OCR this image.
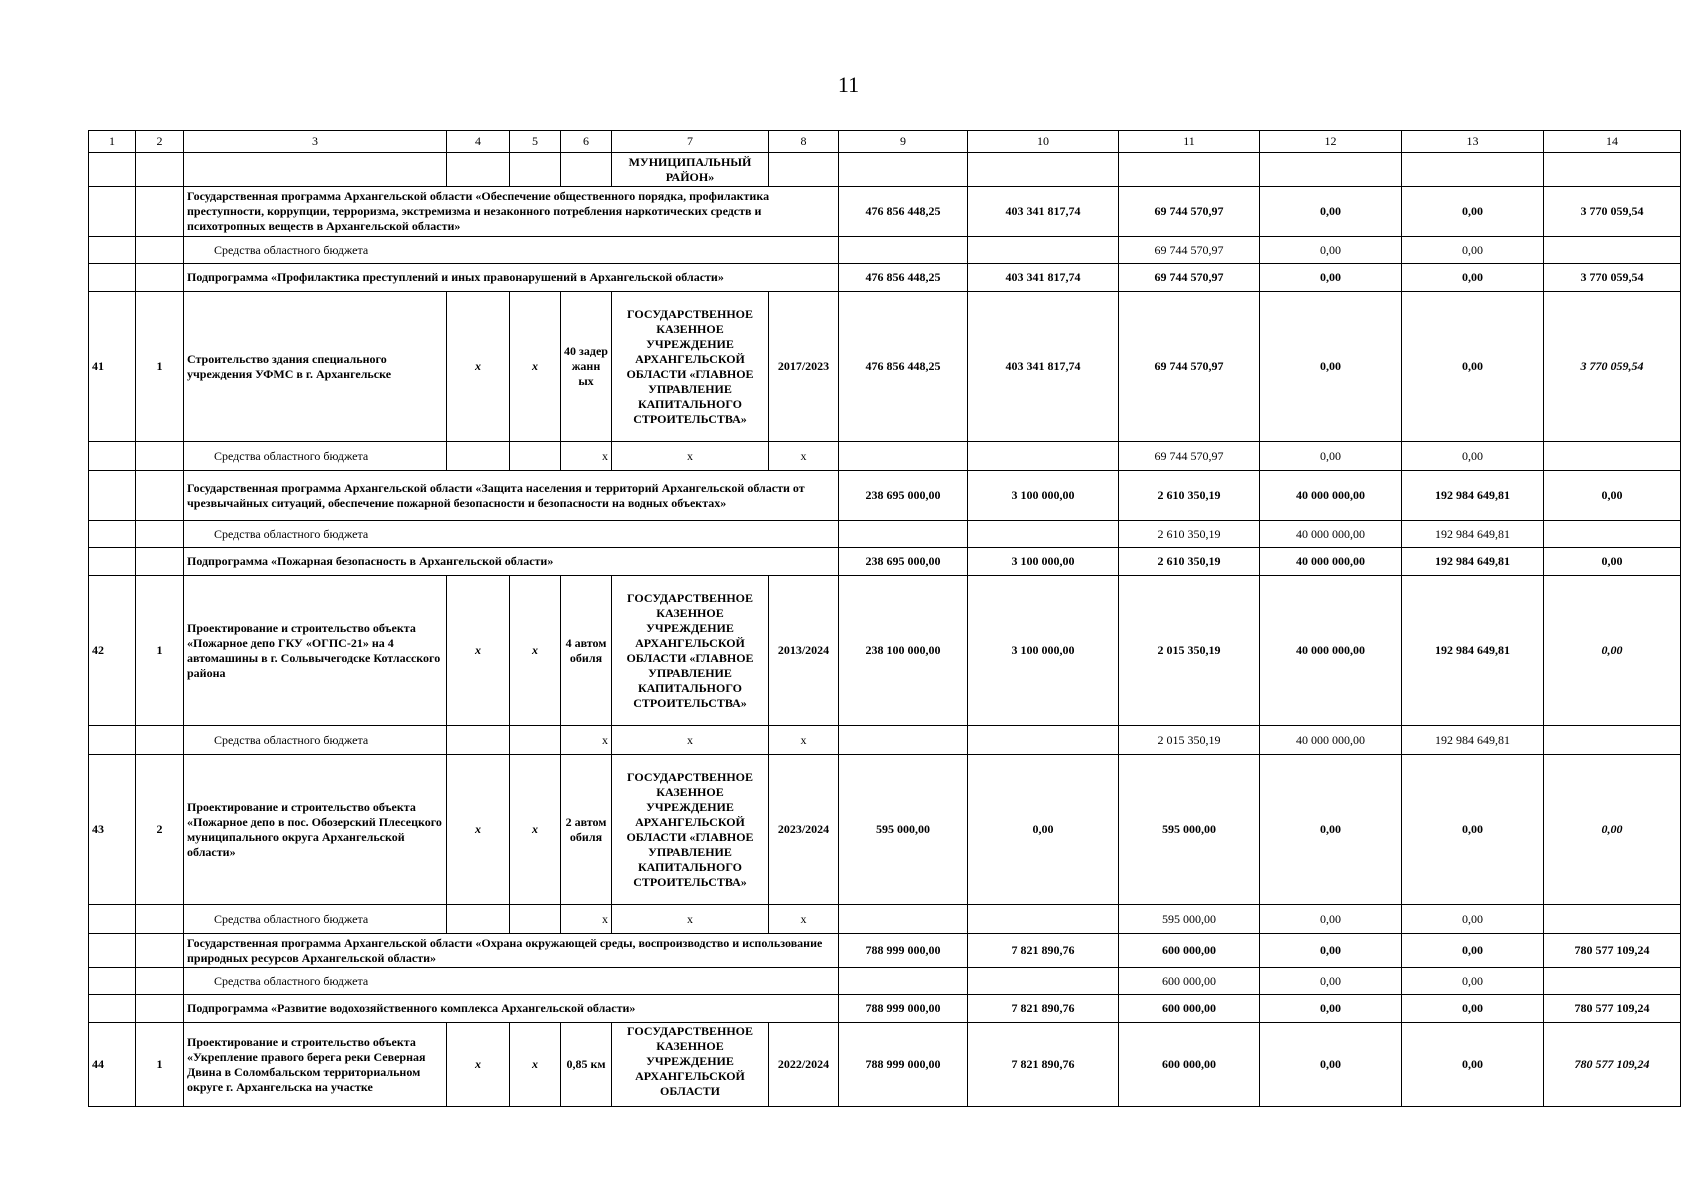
11
1	2	3	4	5	6	7	8	9	10	11	12	13	14
						МУНИЦИПАЛЬНЫЙ РАЙОН»							
		Государственная программа Архангельской области «Обеспечение общественного порядка, профилактика преступности, коррупции, терроризма, экстремизма и незаконного потребления наркотических средств и психотропных веществ в Архангельской области»						476 856 448,25	403 341 817,74	69 744 570,97	0,00	0,00	3 770 059,54
		Средства областного бюджета								69 744 570,97	0,00	0,00	
		Подпрограмма «Профилактика преступлений и иных правонарушений в Архангельской области»						476 856 448,25	403 341 817,74	69 744 570,97	0,00	0,00	3 770 059,54
41	1	Строительство здания специального учреждения УФМС в г. Архангельске	х	х	40 задер жанн ых	ГОСУДАРСТВЕННОЕ КАЗЕННОЕ УЧРЕЖДЕНИЕ АРХАНГЕЛЬСКОЙ ОБЛАСТИ «ГЛАВНОЕ УПРАВЛЕНИЕ КАПИТАЛЬНОГО СТРОИТЕЛЬСТВА»	2017/2023	476 856 448,25	403 341 817,74	69 744 570,97	0,00	0,00	3 770 059,54
		Средства областного бюджета			x	x	x			69 744 570,97	0,00	0,00	
		Государственная программа Архангельской области «Защита населения и территорий Архангельской области от чрезвычайных ситуаций, обеспечение пожарной безопасности и безопасности на водных объектах»						238 695 000,00	3 100 000,00	2 610 350,19	40 000 000,00	192 984 649,81	0,00
		Средства областного бюджета								2 610 350,19	40 000 000,00	192 984 649,81	
		Подпрограмма «Пожарная безопасность в Архангельской области»						238 695 000,00	3 100 000,00	2 610 350,19	40 000 000,00	192 984 649,81	0,00
42	1	Проектирование и строительство объекта «Пожарное депо ГКУ «ОГПС-21» на 4 автомашины в г. Сольвычегодске Котласского района	х	х	4 автом обиля	ГОСУДАРСТВЕННОЕ КАЗЕННОЕ УЧРЕЖДЕНИЕ АРХАНГЕЛЬСКОЙ ОБЛАСТИ «ГЛАВНОЕ УПРАВЛЕНИЕ КАПИТАЛЬНОГО СТРОИТЕЛЬСТВА»	2013/2024	238 100 000,00	3 100 000,00	2 015 350,19	40 000 000,00	192 984 649,81	0,00
		Средства областного бюджета			x	x	x			2 015 350,19	40 000 000,00	192 984 649,81	
43	2	Проектирование и строительство объекта «Пожарное депо в пос. Обозерский Плесецкого муниципального округа Архангельской области»	х	х	2 автом обиля	ГОСУДАРСТВЕННОЕ КАЗЕННОЕ УЧРЕЖДЕНИЕ АРХАНГЕЛЬСКОЙ ОБЛАСТИ «ГЛАВНОЕ УПРАВЛЕНИЕ КАПИТАЛЬНОГО СТРОИТЕЛЬСТВА»	2023/2024	595 000,00	0,00	595 000,00	0,00	0,00	0,00
		Средства областного бюджета			x	x	x			595 000,00	0,00	0,00	
		Государственная программа Архангельской области «Охрана окружающей среды, воспроизводство и использование природных ресурсов Архангельской области»						788 999 000,00	7 821 890,76	600 000,00	0,00	0,00	780 577 109,24
		Средства областного бюджета								600 000,00	0,00	0,00	
		Подпрограмма «Развитие водохозяйственного комплекса Архангельской области»						788 999 000,00	7 821 890,76	600 000,00	0,00	0,00	780 577 109,24
44	1	Проектирование и строительство объекта «Укрепление правого берега реки Северная Двина в Соломбальском территориальном округе г. Архангельска на участке	х	х	0,85 км	ГОСУДАРСТВЕННОЕ КАЗЕННОЕ УЧРЕЖДЕНИЕ АРХАНГЕЛЬСКОЙ ОБЛАСТИ	2022/2024	788 999 000,00	7 821 890,76	600 000,00	0,00	0,00	780 577 109,24
